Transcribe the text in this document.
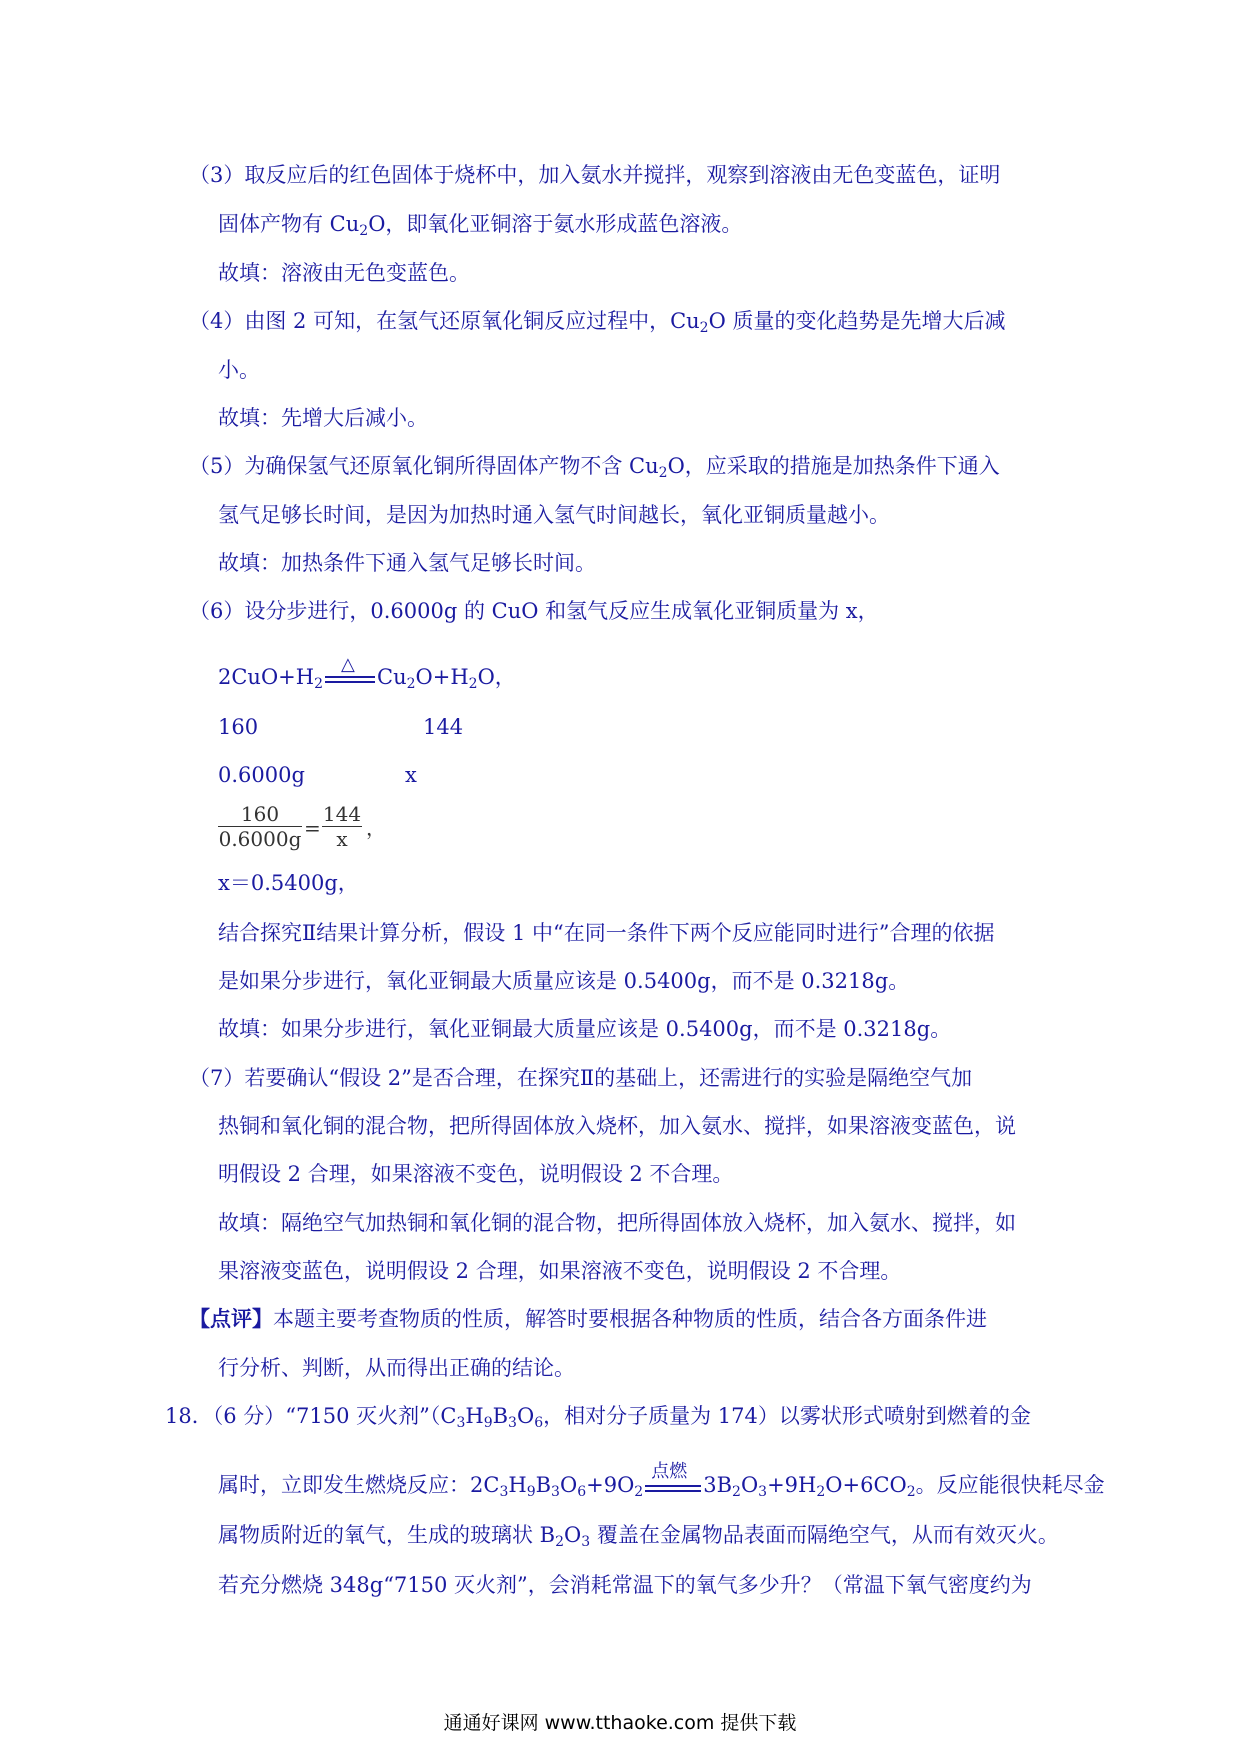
（3）取反应后的红色固体于烧杯中，加入氨水并搅拌，观察到溶液由无色变蓝色，证明
固体产物有 $Cu_2O$，即氧化亚铜溶于氨水形成蓝色溶液。
故填：溶液由无色变蓝色。
（4）由图 2 可知，在氢气还原氧化铜反应过程中，$Cu_2O$ 质量的变化趋势是先增大后减
小。
故填：先增大后减小。
（5）为确保氢气还原氧化铜所得固体产物不含 $Cu_2O$，应采取的措施是加热条件下通入
氢气足够长时间，是因为加热时通入氢气时间越长，氧化亚铜质量越小。
故填：加热条件下通入氢气足够长时间。
（6）设分步进行，0.6000g 的 CuO 和氢气反应生成氧化亚铜质量为 x，
$2CuO+H_2$
△
$Cu_2O+H_2O$，
160	144
0.6000g	x
160
0.6000g =
144
x ，
x＝0.5400g，
结合探究Ⅱ结果计算分析，假设 1 中“在同一条件下两个反应能同时进行”合理的依据
是如果分步进行，氧化亚铜最大质量应该是 0.5400g，而不是 0.3218g。
故填：如果分步进行，氧化亚铜最大质量应该是 0.5400g，而不是 0.3218g。
（7）若要确认“假设 2”是否合理，在探究Ⅱ的基础上，还需进行的实验是隔绝空气加
热铜和氧化铜的混合物，把所得固体放入烧杯，加入氨水、搅拌，如果溶液变蓝色，说
明假设 2 合理，如果溶液不变色，说明假设 2 不合理。
故填：隔绝空气加热铜和氧化铜的混合物，把所得固体放入烧杯，加入氨水、搅拌，如
果溶液变蓝色，说明假设 2 合理，如果溶液不变色，说明假设 2 不合理。
【点评】本题主要考查物质的性质，解答时要根据各种物质的性质，结合各方面条件进
行分析、判断，从而得出正确的结论。
18．（6 分）“7150 灭火剂$”(C_3H_9B_3O_6$，相对分子质量为 174）以雾状形式喷射到燃着的金
属时，立即发生燃烧反应：$2C_3H_9B_3O_6+9O_2$
点燃
$3B_2O_3+9H_2O+6CO_2$。反应能很快耗尽金
属物质附近的氧气，生成的玻璃状 $B_2O_3$ 覆盖在金属物品表面而隔绝空气，从而有效灭火。
若充分燃烧 348g“7150 灭火剂”，会消耗常温下的氧气多少升？（常温下氧气密度约为
通通好课网 www.tthaoke.com 提供下载
